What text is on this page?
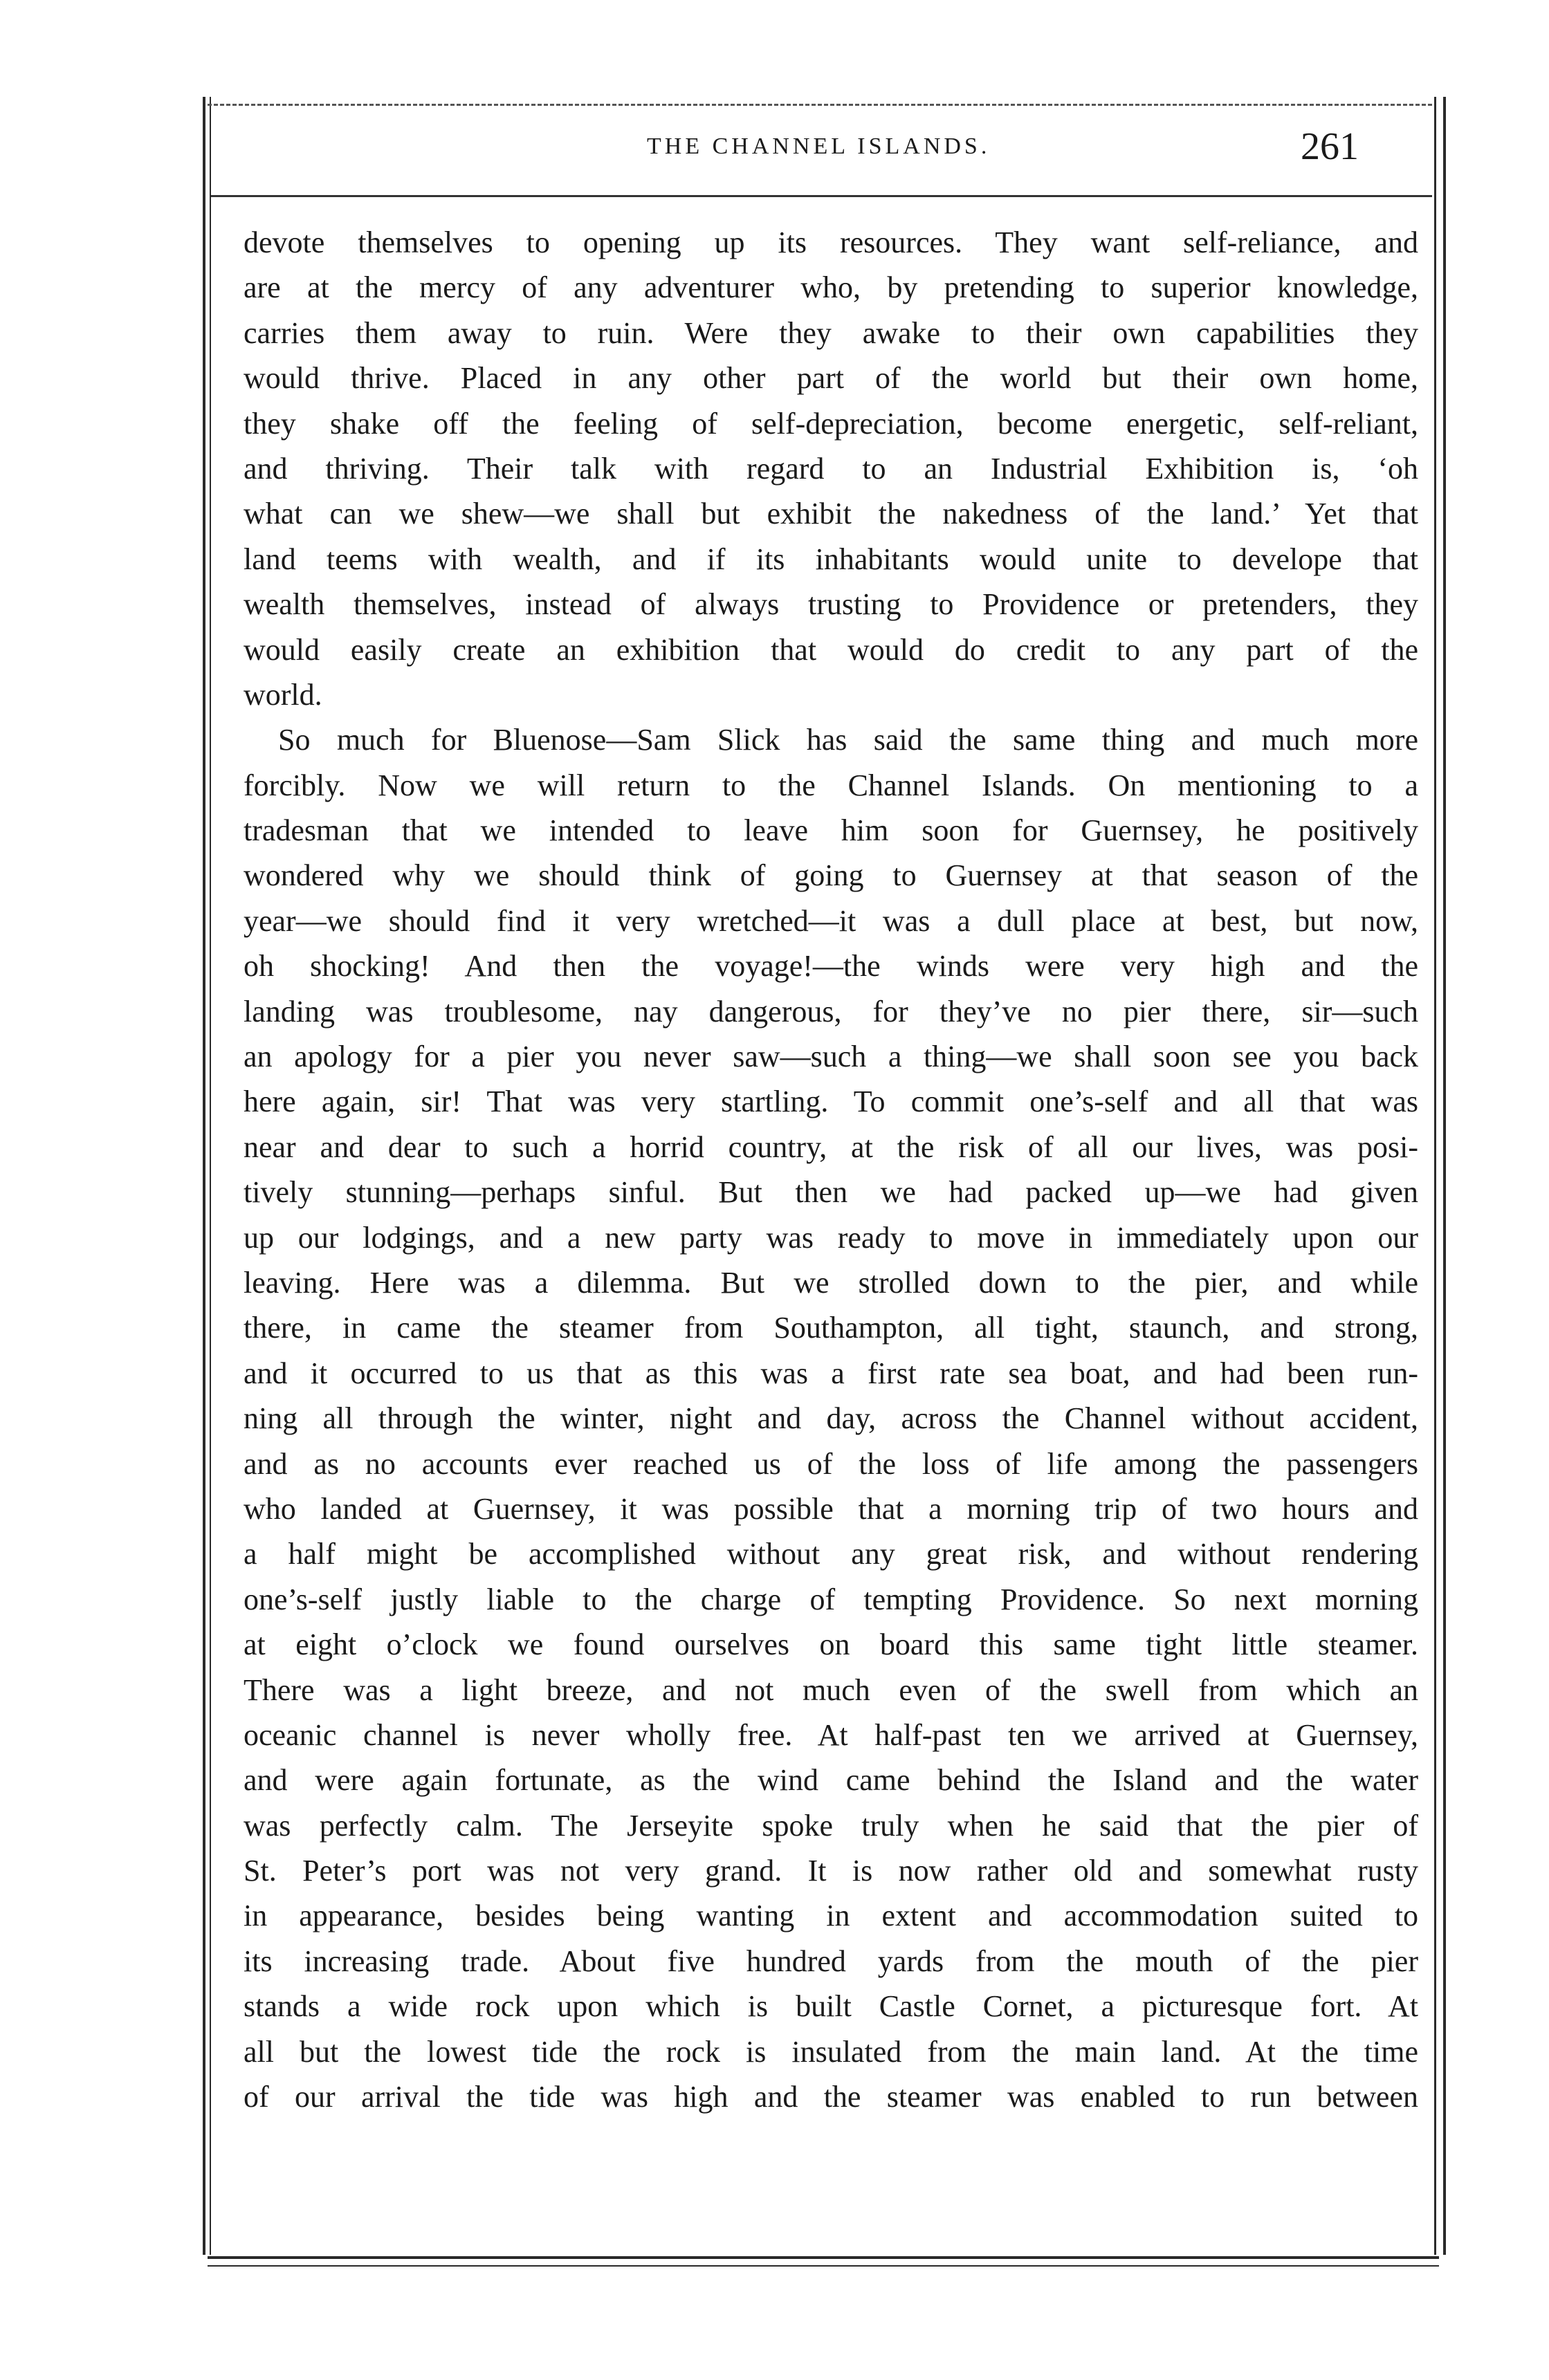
THE CHANNEL ISLANDS.	261
devote themselves to opening up its resources. They want self-reliance, and
are at the mercy of any adventurer who, by pretending to superior knowledge,
carries them away to ruin. Were they awake to their own capabilities they
would thrive. Placed in any other part of the world but their own home,
they shake off the feeling of self-depreciation, become energetic, self-reliant,
and thriving. Their talk with regard to an Industrial Exhibition is, ‘oh
what can we shew—we shall but exhibit the nakedness of the land.’ Yet that
land teems with wealth, and if its inhabitants would unite to develope that
wealth themselves, instead of always trusting to Providence or pretenders, they
would easily create an exhibition that would do credit to any part of the
world.
So much for Bluenose—Sam Slick has said the same thing and much more
forcibly. Now we will return to the Channel Islands. On mentioning to a
tradesman that we intended to leave him soon for Guernsey, he positively
wondered why we should think of going to Guernsey at that season of the
year—we should find it very wretched—it was a dull place at best, but now,
oh shocking! And then the voyage!—the winds were very high and the
landing was troublesome, nay dangerous, for they’ve no pier there, sir—such
an apology for a pier you never saw—such a thing—we shall soon see you back
here again, sir! That was very startling. To commit one’s-self and all that was
near and dear to such a horrid country, at the risk of all our lives, was posi-
tively stunning—perhaps sinful. But then we had packed up—we had given
up our lodgings, and a new party was ready to move in immediately upon our
leaving. Here was a dilemma. But we strolled down to the pier, and while
there, in came the steamer from Southampton, all tight, staunch, and strong,
and it occurred to us that as this was a first rate sea boat, and had been run-
ning all through the winter, night and day, across the Channel without accident,
and as no accounts ever reached us of the loss of life among the passengers
who landed at Guernsey, it was possible that a morning trip of two hours and
a half might be accomplished without any great risk, and without rendering
one’s-self justly liable to the charge of tempting Providence. So next morning
at eight o’clock we found ourselves on board this same tight little steamer.
There was a light breeze, and not much even of the swell from which an
oceanic channel is never wholly free. At half-past ten we arrived at Guernsey,
and were again fortunate, as the wind came behind the Island and the water
was perfectly calm. The Jerseyite spoke truly when he said that the pier of
St. Peter’s port was not very grand. It is now rather old and somewhat rusty
in appearance, besides being wanting in extent and accommodation suited to
its increasing trade. About five hundred yards from the mouth of the pier
stands a wide rock upon which is built Castle Cornet, a picturesque fort. At
all but the lowest tide the rock is insulated from the main land. At the time
of our arrival the tide was high and the steamer was enabled to run between
